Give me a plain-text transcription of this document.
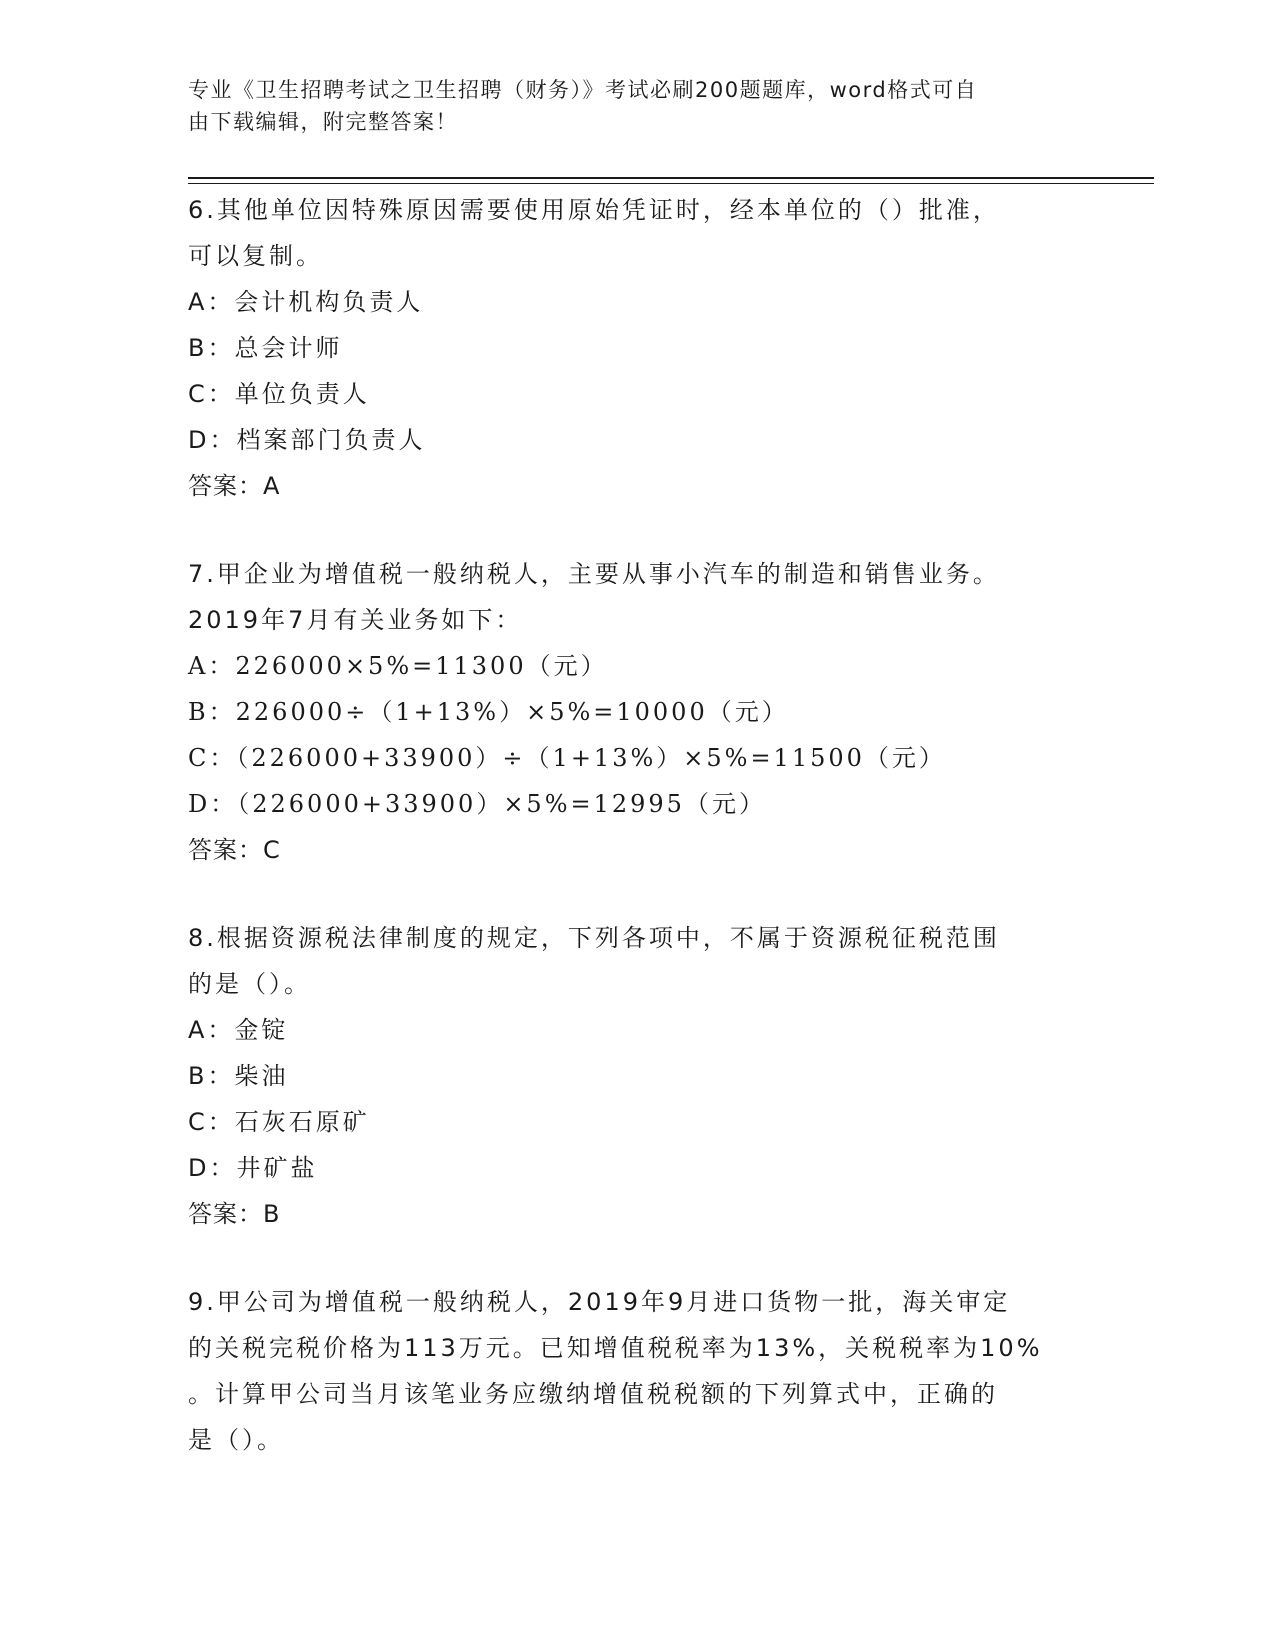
专业《卫生招聘考试之卫生招聘（财务）》考试必刷200题题库，word格式可自
由下载编辑，附完整答案！
6.其他单位因特殊原因需要使用原始凭证时，经本单位的（）批准，
可以复制。
A：会计机构负责人
B：总会计师
C：单位负责人
D：档案部门负责人
答案：A
7.甲企业为增值税一般纳税人，主要从事小汽车的制造和销售业务。
2019年7月有关业务如下：
A：226000×5%=11300（元）
B：226000÷（1+13%）×5%=10000（元）
C：（226000+33900）÷（1+13%）×5%=11500（元）
D：（226000+33900）×5%=12995（元）
答案：C
8.根据资源税法律制度的规定，下列各项中，不属于资源税征税范围
的是（）。
A：金锭
B：柴油
C：石灰石原矿
D：井矿盐
答案：B
9.甲公司为增值税一般纳税人，2019年9月进口货物一批，海关审定
的关税完税价格为113万元。已知增值税税率为13%，关税税率为10%
。计算甲公司当月该笔业务应缴纳增值税税额的下列算式中，正确的
是（）。
